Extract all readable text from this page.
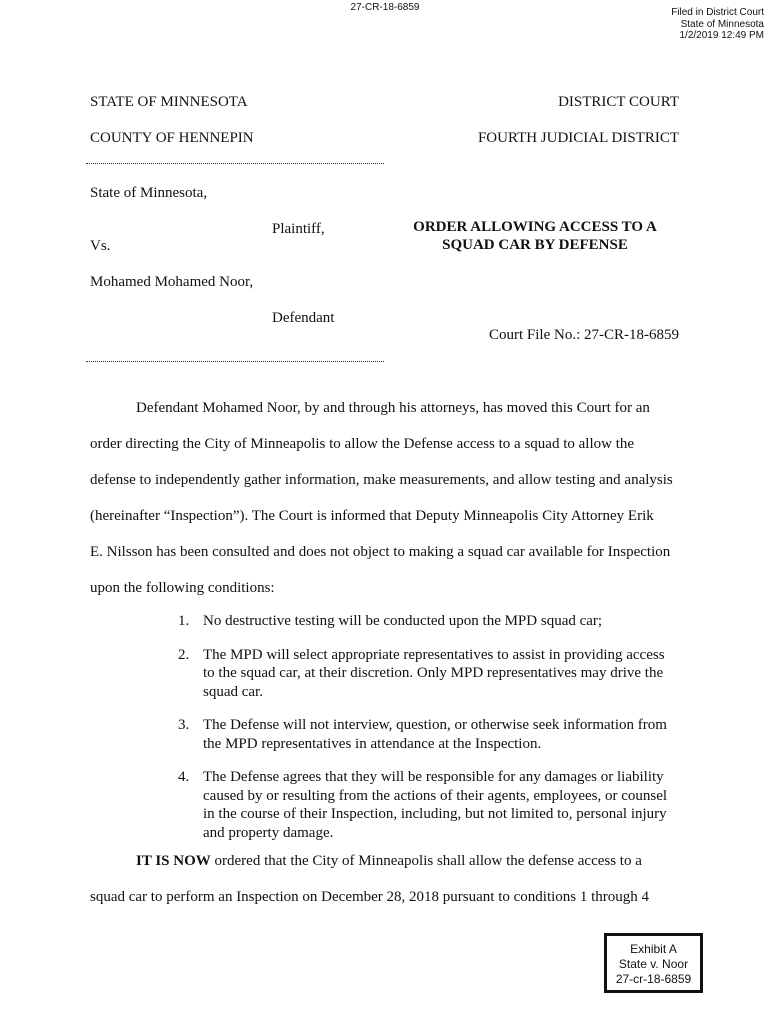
27-CR-18-6859	Filed in District Court
State of Minnesota
1/2/2019 12:49 PM
STATE OF MINNESOTA	DISTRICT COURT
COUNTY OF HENNEPIN	FOURTH JUDICIAL DISTRICT
State of Minnesota,
Plaintiff,
Vs.
Mohamed Mohamed Noor,
Defendant
ORDER ALLOWING ACCESS TO A
SQUAD CAR BY DEFENSE
Court File No.: 27-CR-18-6859
Defendant Mohamed Noor, by and through his attorneys, has moved this Court for an
order directing the City of Minneapolis to allow the Defense access to a squad to allow the
defense to independently gather information, make measurements, and allow testing and analysis
(hereinafter “Inspection”). The Court is informed that Deputy Minneapolis City Attorney Erik
E. Nilsson has been consulted and does not object to making a squad car available for Inspection
upon the following conditions:
1. No destructive testing will be conducted upon the MPD squad car;
2. The MPD will select appropriate representatives to assist in providing access to the squad car, at their discretion. Only MPD representatives may drive the squad car.
3. The Defense will not interview, question, or otherwise seek information from the MPD representatives in attendance at the Inspection.
4. The Defense agrees that they will be responsible for any damages or liability caused by or resulting from the actions of their agents, employees, or counsel in the course of their Inspection, including, but not limited to, personal injury and property damage.
IT IS NOW ordered that the City of Minneapolis shall allow the defense access to a
squad car to perform an Inspection on December 28, 2018 pursuant to conditions 1 through 4
Exhibit A
State v. Noor
27-cr-18-6859
